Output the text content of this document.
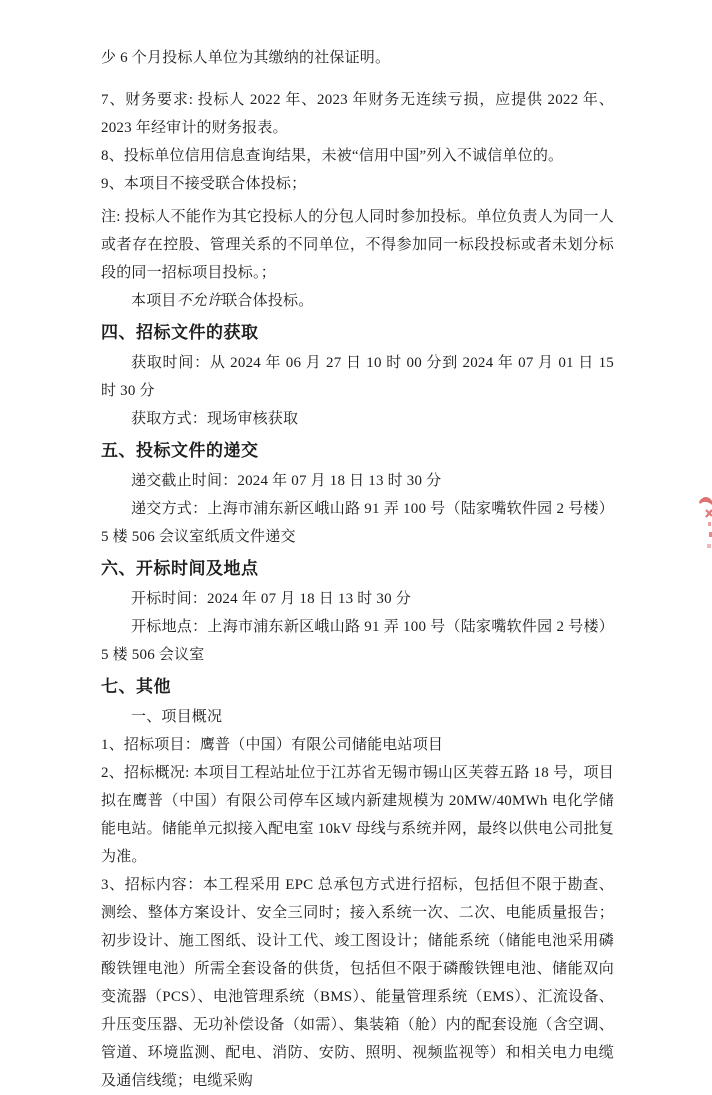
少 6 个月投标人单位为其缴纳的社保证明。

7、财务要求: 投标人 2022 年、2023 年财务无连续亏损，应提供 2022 年、2023 年经审计的财务报表。

8、投标单位信用信息查询结果，未被“信用中国”列入不诚信单位的。

9、本项目不接受联合体投标；

注: 投标人不能作为其它投标人的分包人同时参加投标。单位负责人为同一人或者存在控股、管理关系的不同单位，不得参加同一标段投标或者未划分标段的同一招标项目投标。；

本项目不允许联合体投标。

四、招标文件的获取

获取时间：从 2024 年 06 月 27 日 10 时 00 分到 2024 年 07 月 01 日 15 时 30 分

获取方式：现场审核获取

五、投标文件的递交

递交截止时间：2024 年 07 月 18 日 13 时 30 分

递交方式：上海市浦东新区峨山路 91 弄 100 号（陆家嘴软件园 2 号楼）5 楼 506 会议室纸质文件递交

六、开标时间及地点

开标时间：2024 年 07 月 18 日 13 时 30 分

开标地点：上海市浦东新区峨山路 91 弄 100 号（陆家嘴软件园 2 号楼）5 楼 506 会议室

七、其他

一、项目概况

1、招标项目：鹰普（中国）有限公司储能电站项目

2、招标概况: 本项目工程站址位于江苏省无锡市锡山区芙蓉五路 18 号，项目拟在鹰普（中国）有限公司停车区域内新建规模为 20MW/40MWh 电化学储能电站。储能单元拟接入配电室 10kV 母线与系统并网，最终以供电公司批复为准。

3、招标内容：本工程采用 EPC 总承包方式进行招标，包括但不限于勘查、测绘、整体方案设计、安全三同时；接入系统一次、二次、电能质量报告；初步设计、施工图纸、设计工代、竣工图设计；储能系统（储能电池采用磷酸铁锂电池）所需全套设备的供货，包括但不限于磷酸铁锂电池、储能双向变流器（PCS）、电池管理系统（BMS）、能量管理系统（EMS）、汇流设备、升压变压器、无功补偿设备（如需）、集装箱（舱）内的配套设施（含空调、管道、环境监测、配电、消防、安防、照明、视频监视等）和相关电力电缆及通信线缆；电缆采购
